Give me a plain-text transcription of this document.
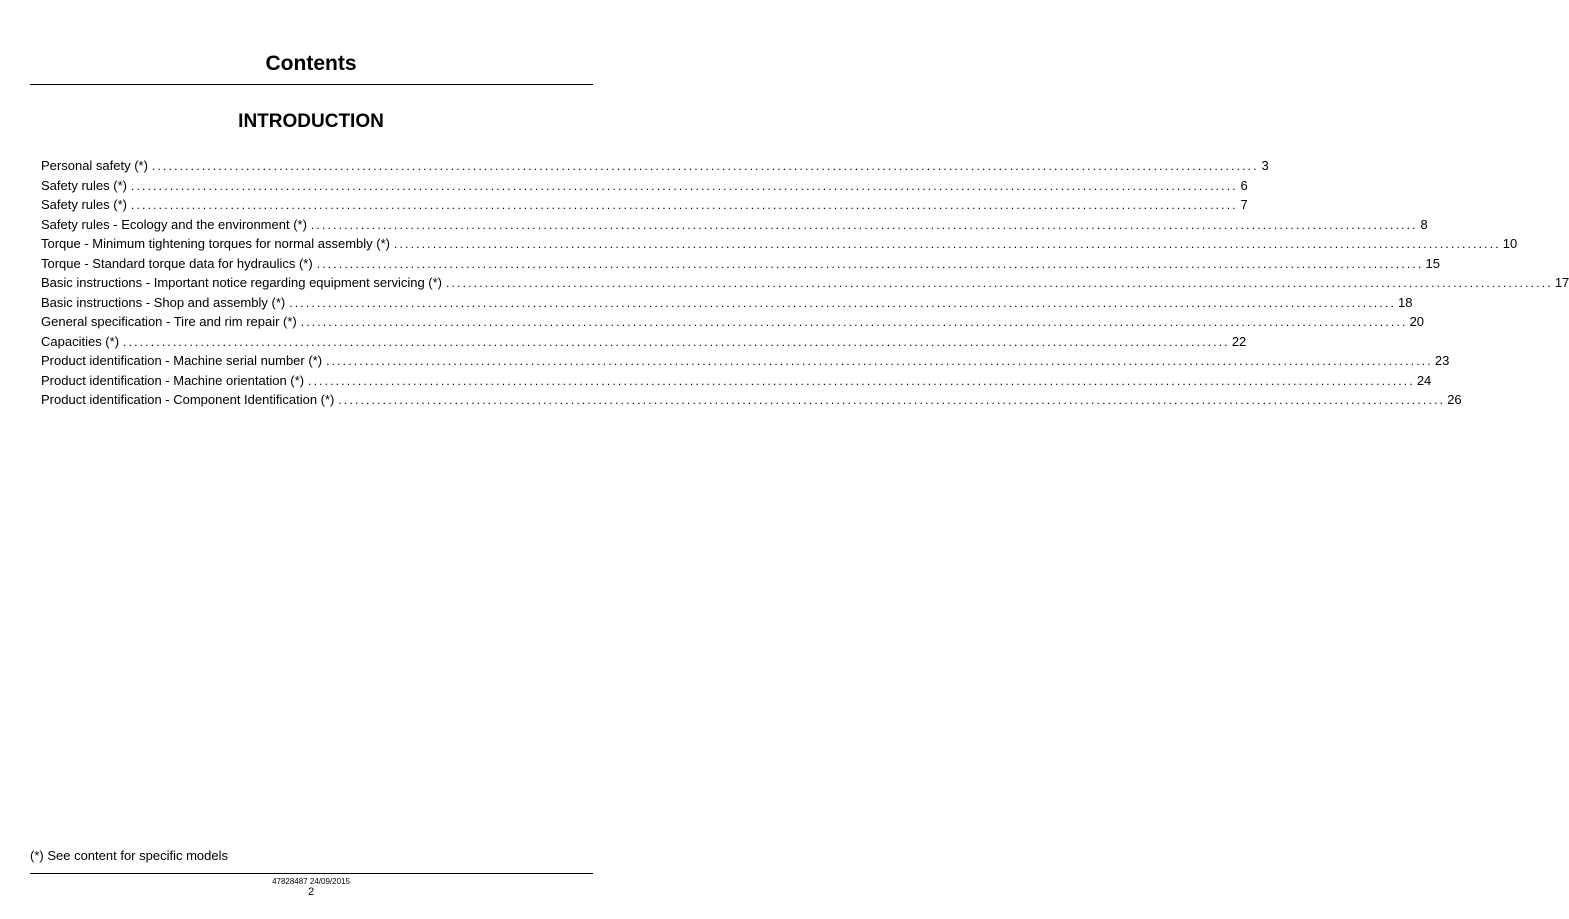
Contents
INTRODUCTION
Personal safety (*) ........................................................................................................................................................................................................ 3
Safety rules (*) ........................................................................................................................................................................................................ 6
Safety rules (*) ........................................................................................................................................................................................................ 7
Safety rules - Ecology and the environment (*) ........................................................................................................................................................................................................ 8
Torque - Minimum tightening torques for normal assembly (*) ........................................................................................................................................................................................................ 10
Torque - Standard torque data for hydraulics (*) ........................................................................................................................................................................................................ 15
Basic instructions - Important notice regarding equipment servicing (*) ........................................................................................................................................................................................................ 17
Basic instructions - Shop and assembly (*) ........................................................................................................................................................................................................ 18
General specification - Tire and rim repair (*) ........................................................................................................................................................................................................ 20
Capacities (*) ........................................................................................................................................................................................................ 22
Product identification - Machine serial number (*) ........................................................................................................................................................................................................ 23
Product identification - Machine orientation (*) ........................................................................................................................................................................................................ 24
Product identification - Component Identification (*) ........................................................................................................................................................................................................ 26

(*) See content for specific models

47828487 24/09/2015

2
